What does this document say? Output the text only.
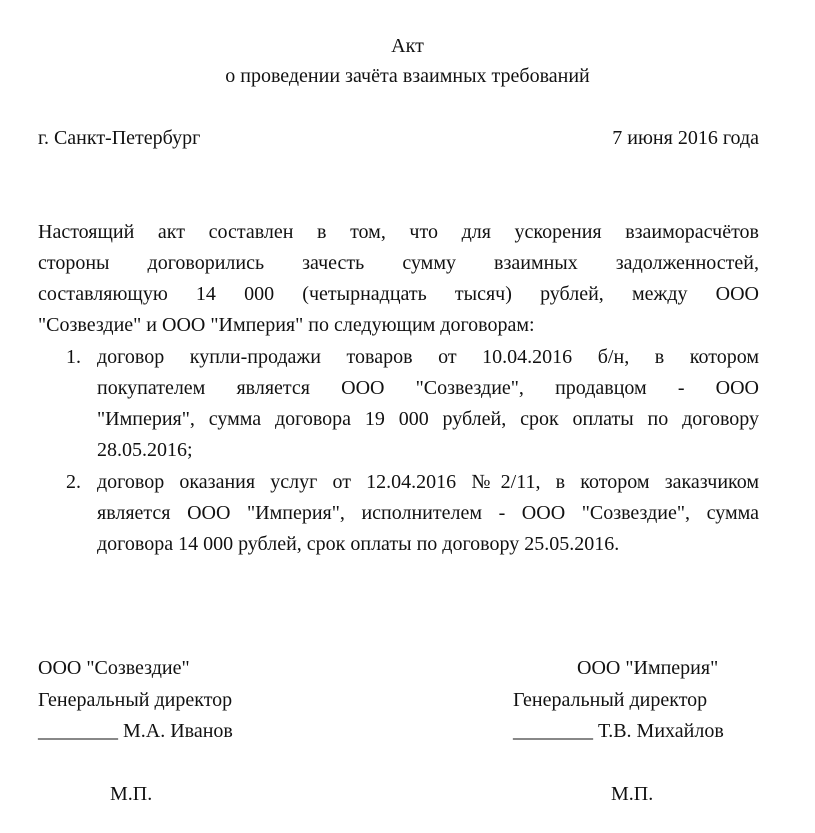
Акт
о проведении зачёта взаимных требований
г. Санкт-Петербург	7 июня 2016 года
Настоящий акт составлен в том, что для ускорения взаиморасчётов
стороны договорились зачесть сумму взаимных задолженностей,
составляющую 14 000 (четырнадцать тысяч) рублей, между ООО
"Созвездие" и ООО "Империя" по следующим договорам:
1. договор купли-продажи товаров от 10.04.2016 б/н, в котором
покупателем является ООО "Созвездие", продавцом - ООО
"Империя", сумма договора 19 000 рублей, срок оплаты по договору
28.05.2016;
2. договор оказания услуг от 12.04.2016 №2/11, в котором заказчиком
является ООО "Империя", исполнителем - ООО "Созвездие", сумма
договора 14 000 рублей, срок оплаты по договору 25.05.2016.
ООО "Созвездие"
Генеральный директор
________ М.А. Иванов
М.П.
ООО "Империя"
Генеральный директор
________ Т.В. Михайлов
М.П.
